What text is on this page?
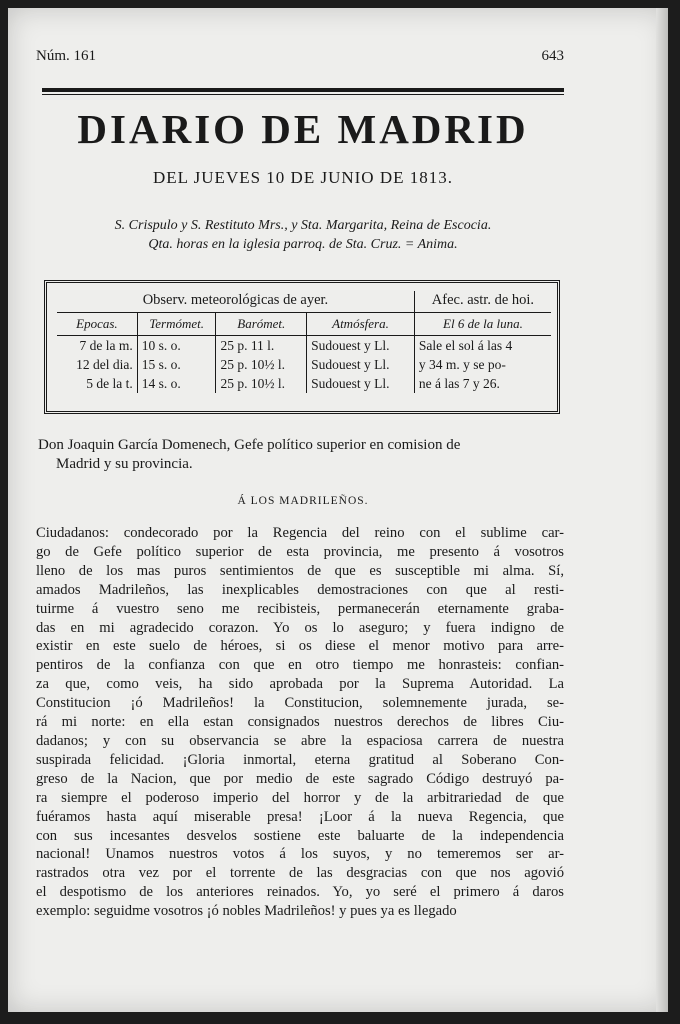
Núm. 161	643
DIARIO DE MADRID
DEL JUEVES 10 DE JUNIO DE 1813.
S. Crispulo y S. Restituto Mrs., y Sta. Margarita, Reina de Escocia.
Qta. horas en la iglesia parroq. de Sta. Cruz. = Anima.
Observ. meteorológicas de ayer.				Afec. astr. de hoi.
Epocas.	Termómet.	Barómet.	Atmósfera.	El 6 de la luna.
7 de la m.	10 s. o.	25 p. 11 l.	Sudouest y Ll.	Sale el sol á las 4
12 del dia.	15 s. o.	25 p. 10½ l.	Sudouest y Ll.	y 34 m. y se po-
5 de la t.	14 s. o.	25 p. 10½ l.	Sudouest y Ll.	ne á las 7 y 26.
Don Joaquin García Domenech, Gefe político superior en comision de
Madrid y su provincia.
Á LOS MADRILEÑOS.
Ciudadanos: condecorado por la Regencia del reino con el sublime car-
go de Gefe político superior de esta provincia, me presento á vosotros
lleno de los mas puros sentimientos de que es susceptible mi alma. Sí,
amados Madrileños, las inexplicables demostraciones con que al resti-
tuirme á vuestro seno me recibisteis, permanecerán eternamente graba-
das en mi agradecido corazon. Yo os lo aseguro; y fuera indigno de
existir en este suelo de héroes, si os diese el menor motivo para arre-
pentiros de la confianza con que en otro tiempo me honrasteis: confian-
za que, como veis, ha sido aprobada por la Suprema Autoridad. La
Constitucion ¡ó Madrileños! la Constitucion, solemnemente jurada, se-
rá mi norte: en ella estan consignados nuestros derechos de libres Ciu-
dadanos; y con su observancia se abre la espaciosa carrera de nuestra
suspirada felicidad. ¡Gloria inmortal, eterna gratitud al Soberano Con-
greso de la Nacion, que por medio de este sagrado Código destruyó pa-
ra siempre el poderoso imperio del horror y de la arbitrariedad de que
fuéramos hasta aquí miserable presa! ¡Loor á la nueva Regencia, que
con sus incesantes desvelos sostiene este baluarte de la independencia
nacional! Unamos nuestros votos á los suyos, y no temeremos ser ar-
rastrados otra vez por el torrente de las desgracias con que nos agovió
el despotismo de los anteriores reinados. Yo, yo seré el primero á daros
exemplo: seguidme vosotros ¡ó nobles Madrileños! y pues ya es llegado
